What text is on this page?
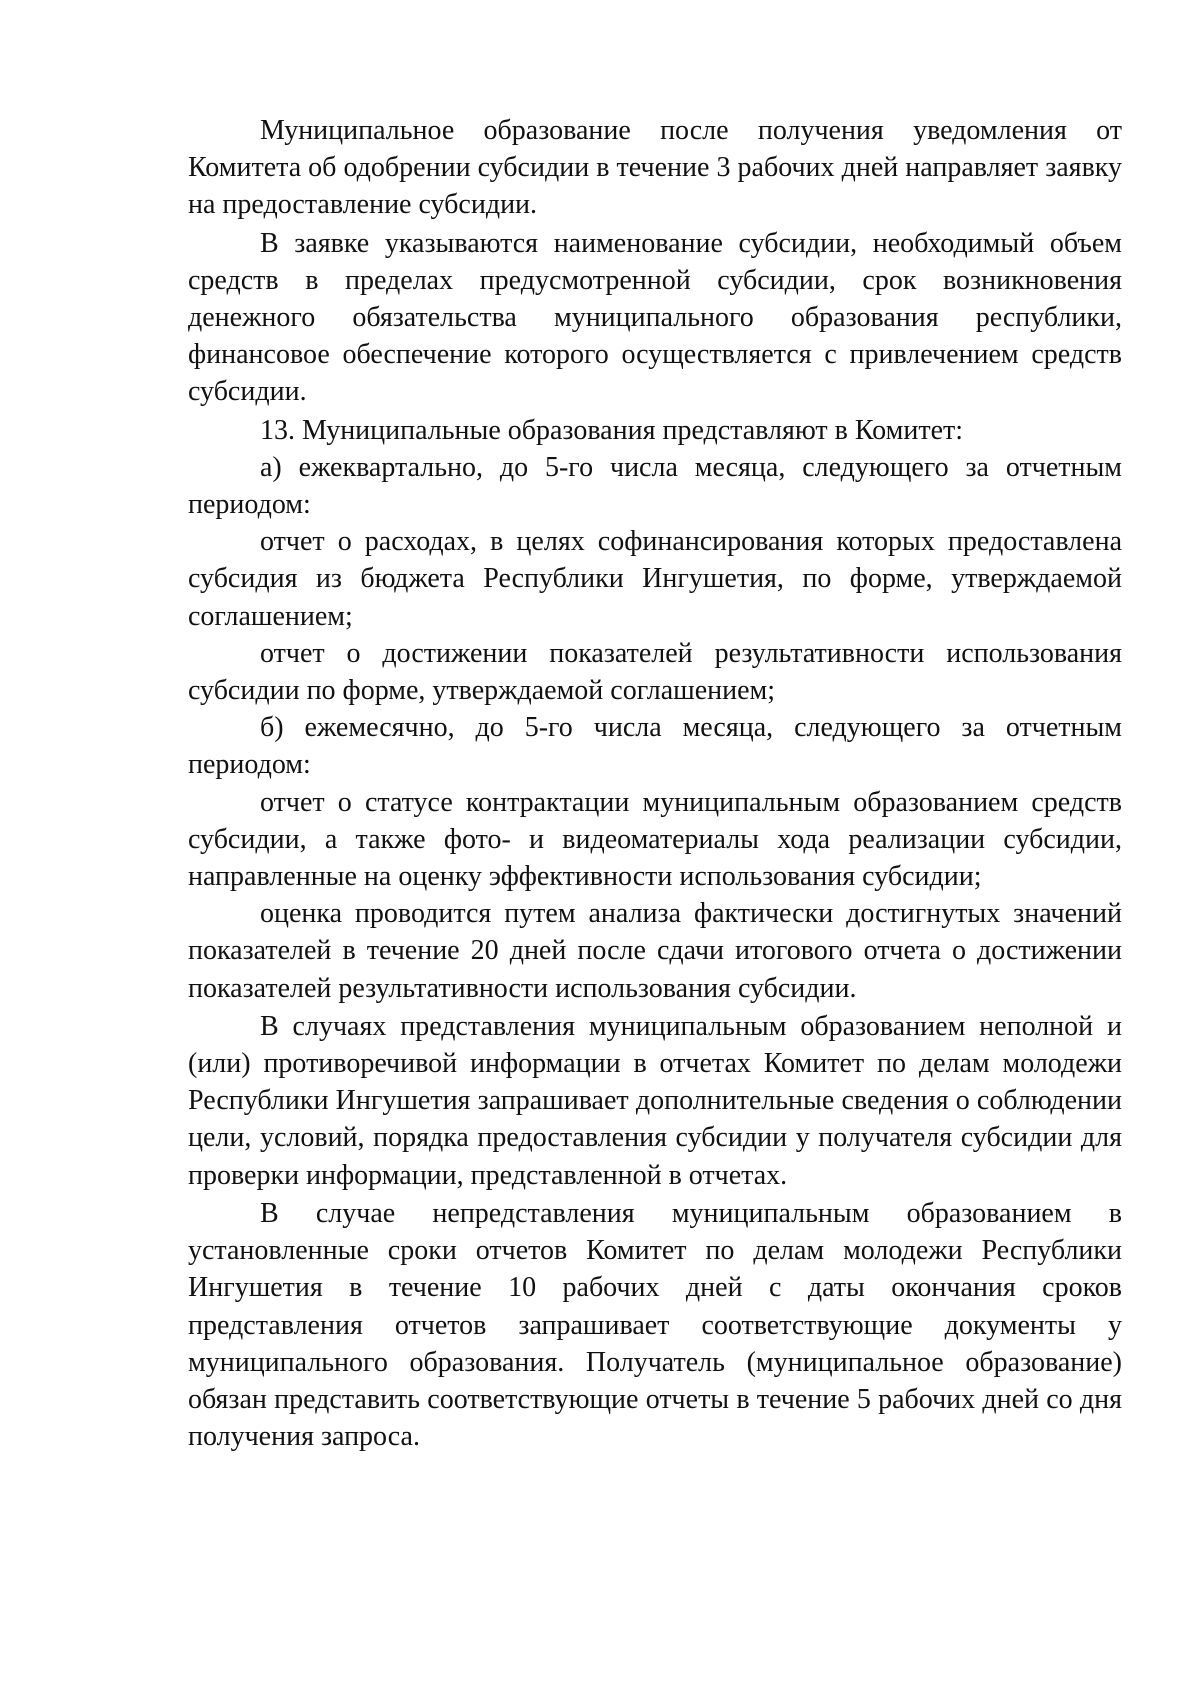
Муниципальное образование после получения уведомления от Комитета об одобрении субсидии в течение 3 рабочих дней направляет заявку на предоставление субсидии.

В заявке указываются наименование субсидии, необходимый объем средств в пределах предусмотренной субсидии, срок возникновения денежного обязательства муниципального образования республики, финансовое обеспечение которого осуществляется с привлечением средств субсидии.

13. Муниципальные образования представляют в Комитет:

а) ежеквартально, до 5-го числа месяца, следующего за отчетным периодом:

отчет о расходах, в целях софинансирования которых предоставлена субсидия из бюджета Республики Ингушетия, по форме, утверждаемой соглашением;

отчет о достижении показателей результативности использования субсидии по форме, утверждаемой соглашением;

б) ежемесячно, до 5-го числа месяца, следующего за отчетным периодом:

отчет о статусе контрактации муниципальным образованием средств субсидии, а также фото- и видеоматериалы хода реализации субсидии, направленные на оценку эффективности использования субсидии;

оценка проводится путем анализа фактически достигнутых значений показателей в течение 20 дней после сдачи итогового отчета о достижении показателей результативности использования субсидии.

В случаях представления муниципальным образованием неполной и (или) противоречивой информации в отчетах Комитет по делам молодежи Республики Ингушетия запрашивает дополнительные сведения о соблюдении цели, условий, порядка предоставления субсидии у получателя субсидии для проверки информации, представленной в отчетах.

В случае непредставления муниципальным образованием в установленные сроки отчетов Комитет по делам молодежи Республики Ингушетия в течение 10 рабочих дней с даты окончания сроков представления отчетов запрашивает соответствующие документы у муниципального образования. Получатель (муниципальное образование) обязан представить соответствующие отчеты в течение 5 рабочих дней со дня получения запроса.
